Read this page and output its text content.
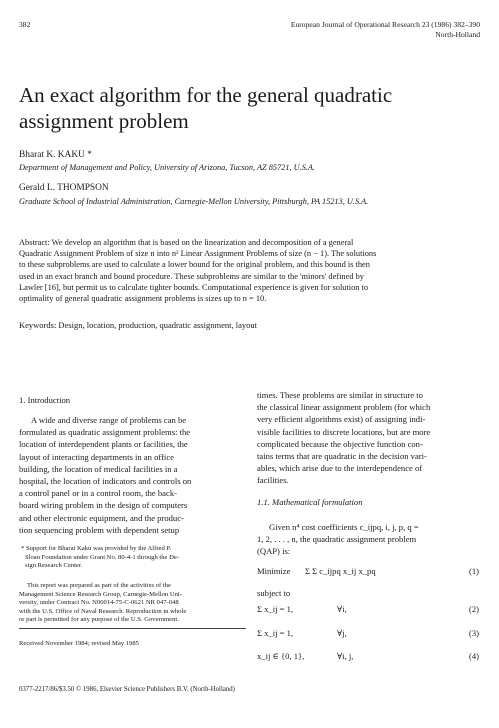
382	European Journal of Operational Research 23 (1986) 382–390
North-Holland
An exact algorithm for the general quadratic
assignment problem
Bharat K. KAKU *
Department of Management and Policy, University of Arizona, Tucson, AZ 85721, U.S.A.
Gerald L. THOMPSON
Graduate School of Industrial Administration, Carnegie-Mellon University, Pittsburgh, PA 15213, U.S.A.
Abstract: We develop an algorithm that is based on the linearization and decomposition of a general
Quadratic Assignment Problem of size n into n² Linear Assignment Problems of size (n − 1). The solutions
to these subproblems are used to calculate a lower bound for the original problem, and this bound is then
used in an exact branch and bound procedure. These subproblems are similar to the 'minors' defined by
Lawler [16], but permit us to calculate tighter bounds. Computational experience is given for solution to
optimality of general quadratic assignment problems is sizes up to n = 10.
Keywords: Design, location, production, quadratic assignment, layout
1. Introduction
A wide and diverse range of problems can be
formulated as quadratic assignment problems: the
location of interdependent plants or facilities, the
layout of interacting departments in an office
building, the location of medical facilities in a
hospital, the location of indicators and controls on
a control panel or in a control room, the back-
board wiring problem in the design of computers
and other electronic equipment, and the produc-
tion sequencing problem with dependent setup
* Support for Bharat Kaku was provided by the Alfred P.
Sloan Foundation under Grant No. 80-4-1 through the De-
sign Research Center.
This report was prepared as part of the activities of the
Management Science Research Group, Carnegie-Mellon Uni-
versity, under Contract No. N00014-75-C-0621 NR 047-048
with the U.S. Office of Naval Research. Reproduction in whole
or part is permitted for any purpose of the U.S. Government.
Received November 1984; revised May 1985
times. These problems are similar in structure to
the classical linear assignment problem (for which
very efficient algorithms exist) of assigning indi-
visible facilities to discrete locations, but are more
complicated because the objective function con-
tains terms that are quadratic in the decision vari-
ables, which arise due to the interdependence of
facilities.
1.1. Mathematical formulation
Given n⁴ cost coefficients c_ijpq, i, j, p, q =
1, 2, . . . , n, the quadratic assignment problem
(QAP) is:
Minimize Σ Σ c_ijpq x_ij x_pq	(1)
subject to
Σ x_ij = 1,	∀i,	(2)
Σ x_ij = 1,	∀j,	(3)
x_ij ∈ {0, 1},	∀i, j,	(4)
0377-2217/86/$3.50 © 1986, Elsevier Science Publishers B.V. (North-Holland)
